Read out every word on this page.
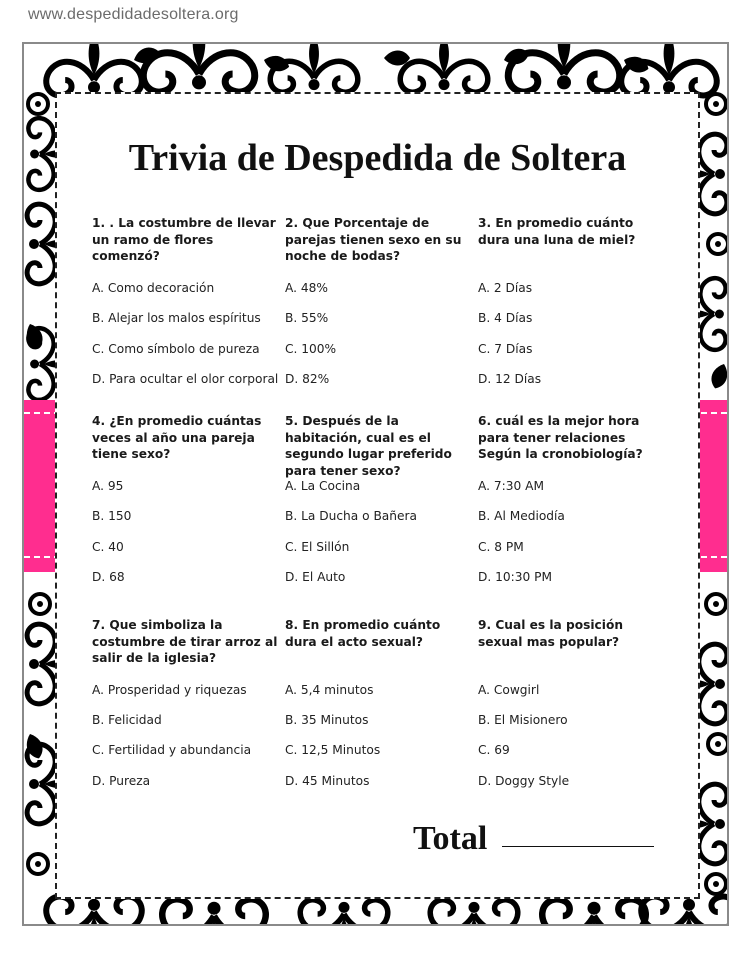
www.despedidadesoltera.org
Trivia de Despedida de Soltera
1. . La costumbre de llevar un ramo de flores comenzó?
A. Como decoración
B. Alejar los malos espíritus
C. Como símbolo de pureza
D. Para ocultar el olor corporal
2. Que Porcentaje de parejas tienen sexo en su noche de bodas?
A. 48%
B. 55%
C. 100%
D. 82%
3. En promedio cuánto dura una luna de miel?
A. 2 Días
B. 4 Días
C. 7 Días
D. 12 Días
4. ¿En promedio cuántas veces al año una pareja tiene sexo?
A. 95
B. 150
C. 40
D. 68
5. Después de la habitación, cual es el segundo lugar preferido para tener sexo?
A. La Cocina
B. La Ducha o Bañera
C. El Sillón
D. El Auto
6. cuál es la mejor hora para tener relaciones Según la cronobiología?
A. 7:30 AM
B. Al Mediodía
C. 8 PM
D. 10:30 PM
7. Que simboliza la costumbre de tirar arroz al salir de la iglesia?
A. Prosperidad y riquezas
B. Felicidad
C. Fertilidad y abundancia
D. Pureza
8. En promedio cuánto dura el acto sexual?
A. 5,4 minutos
B. 35 Minutos
C. 12,5 Minutos
D. 45 Minutos
9. Cual es la posición sexual mas popular?
A. Cowgirl
B. El Misionero
C. 69
D. Doggy Style
Total
